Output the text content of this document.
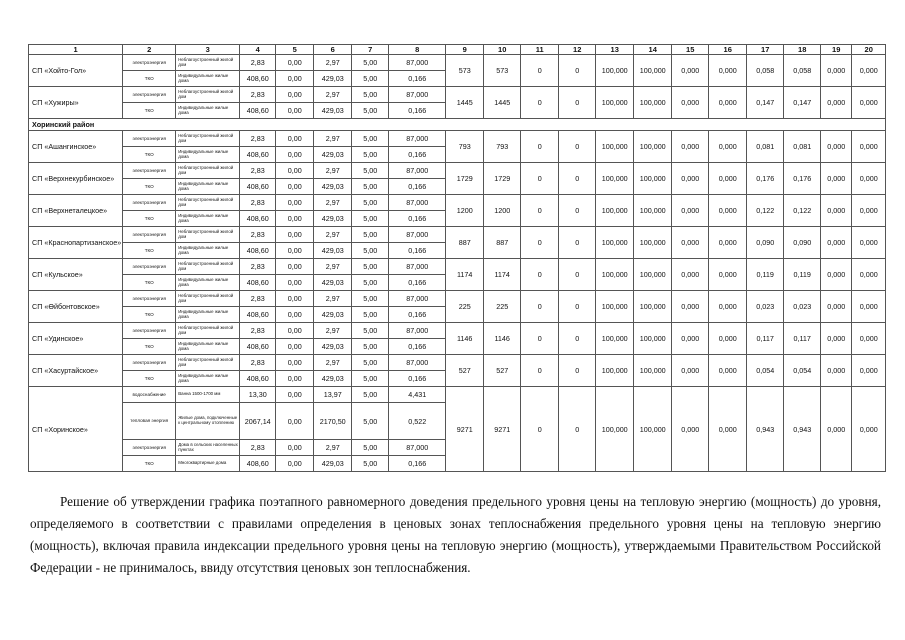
1	2	3	4	5	6	7	8	9	10	11	12	13	14	15	16	17	18	19	20
СП «Хойто-Гол»	электроэнергия	Неблагоустроенный жилой дом	2,83	0,00	2,97	5,00	87,000	573	573	0	0	100,000	100,000	0,000	0,000	0,058	0,058	0,000	0,000
	ТКО	Индивидуальные жилые дома	408,60	0,00	429,03	5,00	0,166												
СП «Хужиры»	электроэнергия	Неблагоустроенный жилой дом	2,83	0,00	2,97	5,00	87,000	1445	1445	0	0	100,000	100,000	0,000	0,000	0,147	0,147	0,000	0,000
	ТКО	Индивидуальные жилые дома	408,60	0,00	429,03	5,00	0,166												
Хоринский район																			
СП «Ашангинское»	электроэнергия	Неблагоустроенный жилой дом	2,83	0,00	2,97	5,00	87,000	793	793	0	0	100,000	100,000	0,000	0,000	0,081	0,081	0,000	0,000
	ТКО	Индивидуальные жилые дома	408,60	0,00	429,03	5,00	0,166												
СП «Верхнекурбинское»	электроэнергия	Неблагоустроенный жилой дом	2,83	0,00	2,97	5,00	87,000	1729	1729	0	0	100,000	100,000	0,000	0,000	0,176	0,176	0,000	0,000
	ТКО	Индивидуальные жилые дома	408,60	0,00	429,03	5,00	0,166												
СП «Верхнеталецкое»	электроэнергия	Неблагоустроенный жилой дом	2,83	0,00	2,97	5,00	87,000	1200	1200	0	0	100,000	100,000	0,000	0,000	0,122	0,122	0,000	0,000
	ТКО	Индивидуальные жилые дома	408,60	0,00	429,03	5,00	0,166												
СП «Краснопартизанское»	электроэнергия	Неблагоустроенный жилой дом	2,83	0,00	2,97	5,00	87,000	887	887	0	0	100,000	100,000	0,000	0,000	0,090	0,090	0,000	0,000
	ТКО	Индивидуальные жилые дома	408,60	0,00	429,03	5,00	0,166												
СП «Кульское»	электроэнергия	Неблагоустроенный жилой дом	2,83	0,00	2,97	5,00	87,000	1174	1174	0	0	100,000	100,000	0,000	0,000	0,119	0,119	0,000	0,000
	ТКО	Индивидуальные жилые дома	408,60	0,00	429,03	5,00	0,166												
СП «Өйбонтовское»	электроэнергия	Неблагоустроенный жилой дом	2,83	0,00	2,97	5,00	87,000	225	225	0	0	100,000	100,000	0,000	0,000	0,023	0,023	0,000	0,000
	ТКО	Индивидуальные жилые дома	408,60	0,00	429,03	5,00	0,166												
СП «Удинское»	электроэнергия	Неблагоустроенный жилой дом	2,83	0,00	2,97	5,00	87,000	1146	1146	0	0	100,000	100,000	0,000	0,000	0,117	0,117	0,000	0,000
	ТКО	Индивидуальные жилые дома	408,60	0,00	429,03	5,00	0,166												
СП «Хасуртайское»	электроэнергия	Неблагоустроенный жилой дом	2,83	0,00	2,97	5,00	87,000	527	527	0	0	100,000	100,000	0,000	0,000	0,054	0,054	0,000	0,000
	ТКО	Индивидуальные жилые дома	408,60	0,00	429,03	5,00	0,166												
СП «Хоринское»	водоснабжение	Ванна 1500-1700 мм	13,30	0,00	13,97	5,00	4,431	9271	9271	0	0	100,000	100,000	0,000	0,000	0,943	0,943	0,000	0,000
	тепловая энергия	Жилые дома, подключенные к центральному отоплению	2067,14	0,00	2170,50	5,00	0,522												
	электроэнергия	Дома в сельских населенных пунктах	2,83	0,00	2,97	5,00	87,000												
	ТКО	Многоквартирные дома	408,60	0,00	429,03	5,00	0,166												

Решение об утверждении графика поэтапного равномерного доведения предельного уровня цены на тепловую энергию (мощность) до уровня, определяемого в соответствии с правилами определения в ценовых зонах теплоснабжения предельного уровня цены на тепловую энергию (мощность), включая правила индексации предельного уровня цены на тепловую энергию (мощность), утверждаемыми Правительством Российской Федерации - не принималось, ввиду отсутствия ценовых зон теплоснабжения.
